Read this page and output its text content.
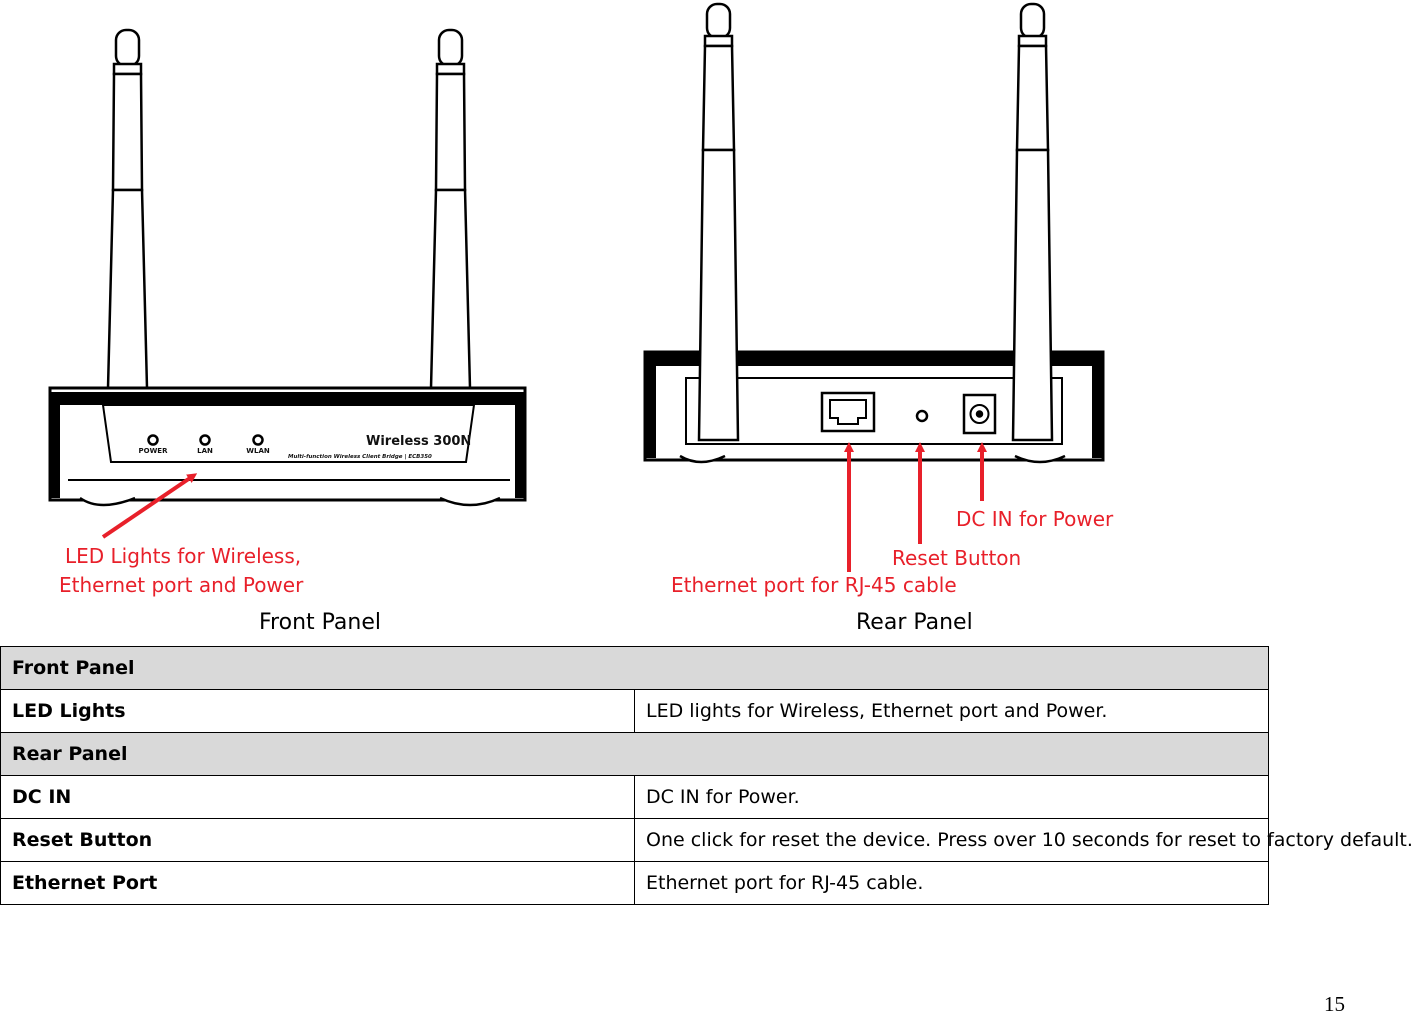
POWER	LAN	WLAN
Wireless 300N
Multi-function Wireless Client Bridge | ECB350
LED Lights for Wireless,
Ethernet port and Power
DC IN for Power
Reset Button
Ethernet port for RJ-45 cable
Front Panel	Rear Panel
Front Panel	
LED Lights	LED lights for Wireless, Ethernet port and Power.
Rear Panel	
DC IN	DC IN for Power.
Reset Button	One click for reset the device. Press over 10 seconds for reset to factory default.
Ethernet Port	Ethernet port for RJ-45 cable.
15
